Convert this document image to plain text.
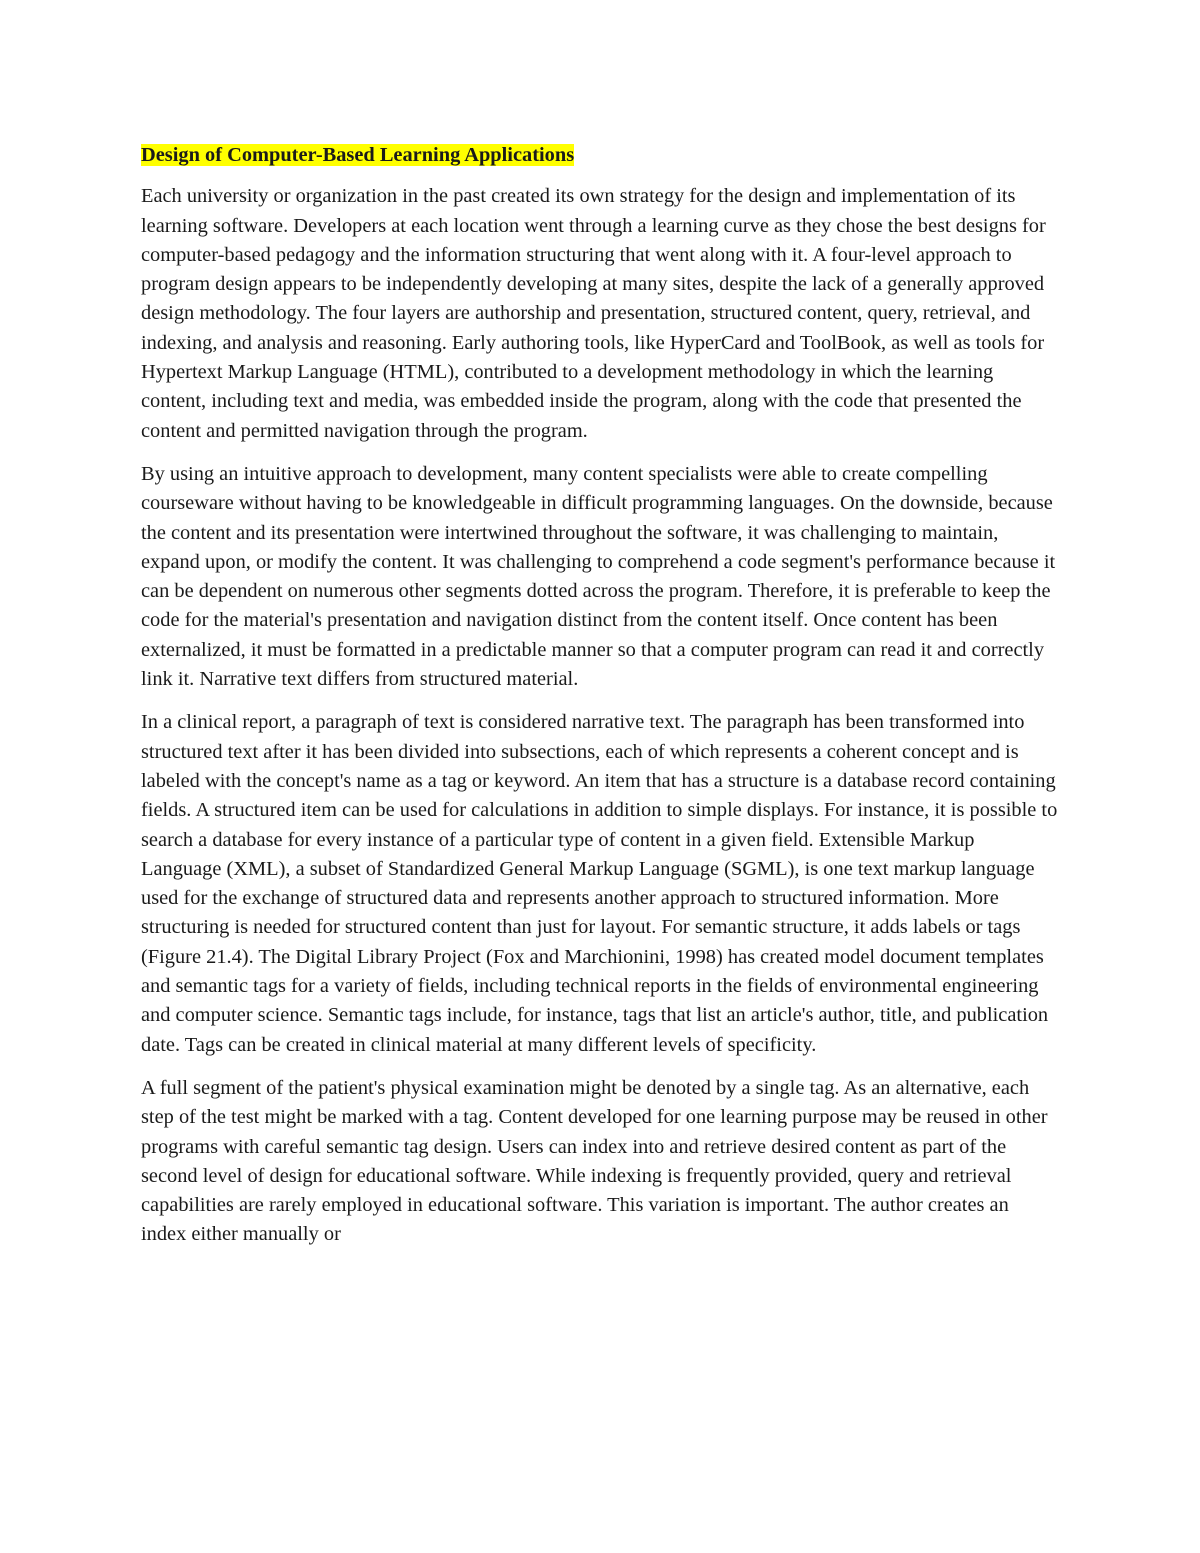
Design of Computer-Based Learning Applications

Each university or organization in the past created its own strategy for the design and implementation of its learning software. Developers at each location went through a learning curve as they chose the best designs for computer-based pedagogy and the information structuring that went along with it. A four-level approach to program design appears to be independently developing at many sites, despite the lack of a generally approved design methodology. The four layers are authorship and presentation, structured content, query, retrieval, and indexing, and analysis and reasoning. Early authoring tools, like HyperCard and ToolBook, as well as tools for Hypertext Markup Language (HTML), contributed to a development methodology in which the learning content, including text and media, was embedded inside the program, along with the code that presented the content and permitted navigation through the program.

By using an intuitive approach to development, many content specialists were able to create compelling courseware without having to be knowledgeable in difficult programming languages. On the downside, because the content and its presentation were intertwined throughout the software, it was challenging to maintain, expand upon, or modify the content. It was challenging to comprehend a code segment's performance because it can be dependent on numerous other segments dotted across the program. Therefore, it is preferable to keep the code for the material's presentation and navigation distinct from the content itself. Once content has been externalized, it must be formatted in a predictable manner so that a computer program can read it and correctly link it. Narrative text differs from structured material.

In a clinical report, a paragraph of text is considered narrative text. The paragraph has been transformed into structured text after it has been divided into subsections, each of which represents a coherent concept and is labeled with the concept's name as a tag or keyword. An item that has a structure is a database record containing fields. A structured item can be used for calculations in addition to simple displays. For instance, it is possible to search a database for every instance of a particular type of content in a given field. Extensible Markup Language (XML), a subset of Standardized General Markup Language (SGML), is one text markup language used for the exchange of structured data and represents another approach to structured information. More structuring is needed for structured content than just for layout. For semantic structure, it adds labels or tags (Figure 21.4). The Digital Library Project (Fox and Marchionini, 1998) has created model document templates and semantic tags for a variety of fields, including technical reports in the fields of environmental engineering and computer science. Semantic tags include, for instance, tags that list an article's author, title, and publication date. Tags can be created in clinical material at many different levels of specificity.

A full segment of the patient's physical examination might be denoted by a single tag. As an alternative, each step of the test might be marked with a tag. Content developed for one learning purpose may be reused in other programs with careful semantic tag design. Users can index into and retrieve desired content as part of the second level of design for educational software. While indexing is frequently provided, query and retrieval capabilities are rarely employed in educational software. This variation is important. The author creates an index either manually or
